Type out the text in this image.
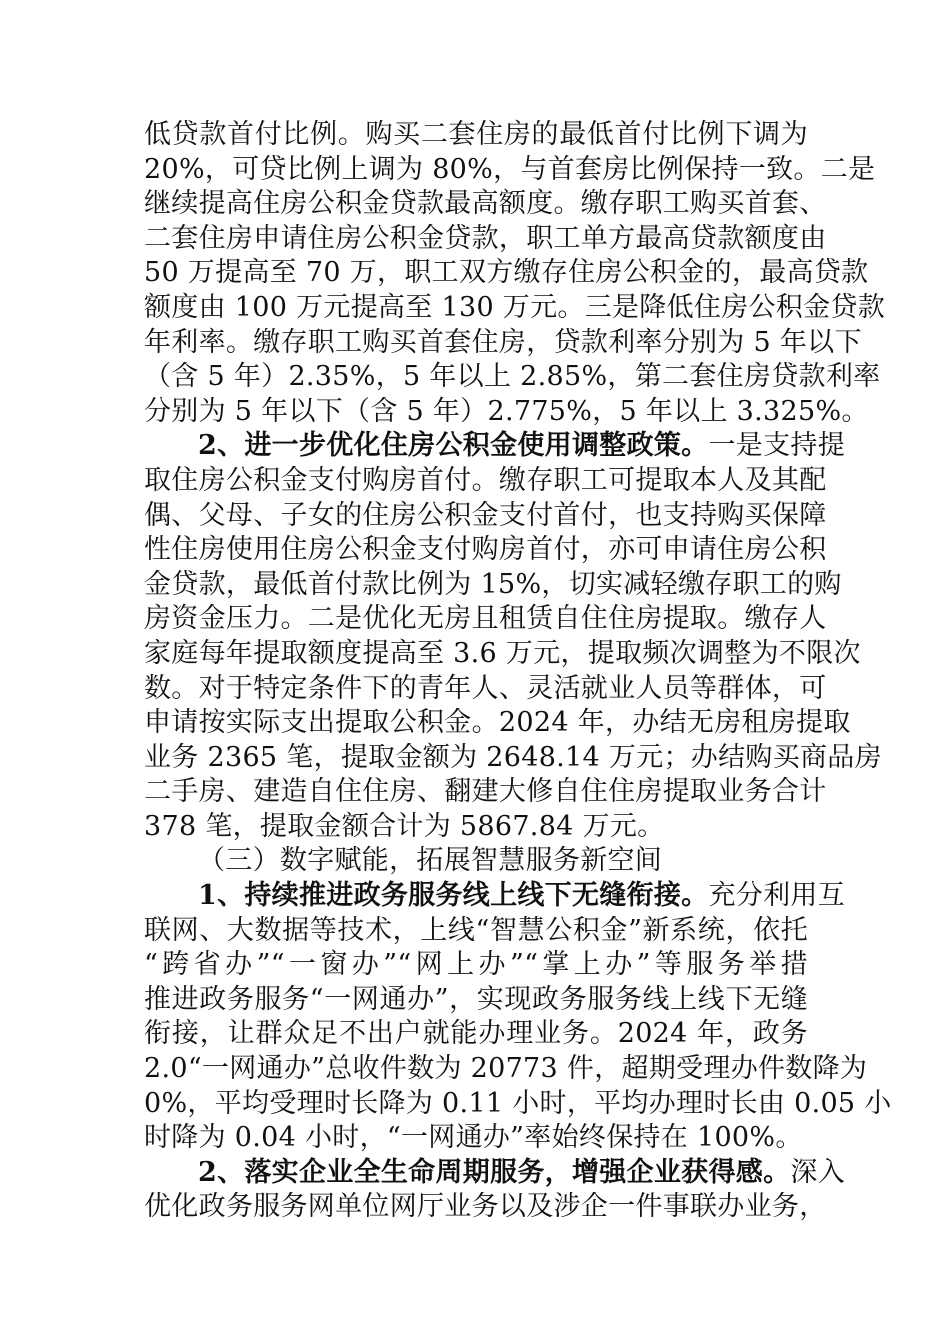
低贷款首付比例。购买二套住房的最低首付比例下调为
20%，可贷比例上调为 80%，与首套房比例保持一致。二是
继续提高住房公积金贷款最高额度。缴存职工购买首套、
二套住房申请住房公积金贷款，职工单方最高贷款额度由
50 万提高至 70 万，职工双方缴存住房公积金的，最高贷款
额度由 100 万元提高至 130 万元。三是降低住房公积金贷款
年利率。缴存职工购买首套住房，贷款利率分别为 5 年以下
（含 5 年）2.35%，5 年以上 2.85%，第二套住房贷款利率
分别为 5 年以下（含 5 年）2.775%，5 年以上 3.325%。
2、进一步优化住房公积金使用调整政策。一是支持提
取住房公积金支付购房首付。缴存职工可提取本人及其配
偶、父母、子女的住房公积金支付首付，也支持购买保障
性住房使用住房公积金支付购房首付，亦可申请住房公积
金贷款，最低首付款比例为 15%，切实减轻缴存职工的购
房资金压力。二是优化无房且租赁自住住房提取。缴存人
家庭每年提取额度提高至 3.6 万元，提取频次调整为不限次
数。对于特定条件下的青年人、灵活就业人员等群体，可
申请按实际支出提取公积金。2024 年，办结无房租房提取
业务 2365 笔，提取金额为 2648.14 万元；办结购买商品房
二手房、建造自住住房、翻建大修自住住房提取业务合计
378 笔，提取金额合计为 5867.84 万元。
（三）数字赋能，拓展智慧服务新空间
1、持续推进政务服务线上线下无缝衔接。充分利用互
联网、大数据等技术，上线“智慧公积金”新系统，依托
“跨省办”“一窗办”“网上办”“掌上办”等服务举措
推进政务服务“一网通办”，实现政务服务线上线下无缝
衔接，让群众足不出户就能办理业务。2024 年，政务
2.0“一网通办”总收件数为 20773 件，超期受理办件数降为
0%，平均受理时长降为 0.11 小时，平均办理时长由 0.05 小
时降为 0.04 小时，“一网通办”率始终保持在 100%。
2、落实企业全生命周期服务，增强企业获得感。深入
优化政务服务网单位网厅业务以及涉企一件事联办业务，
